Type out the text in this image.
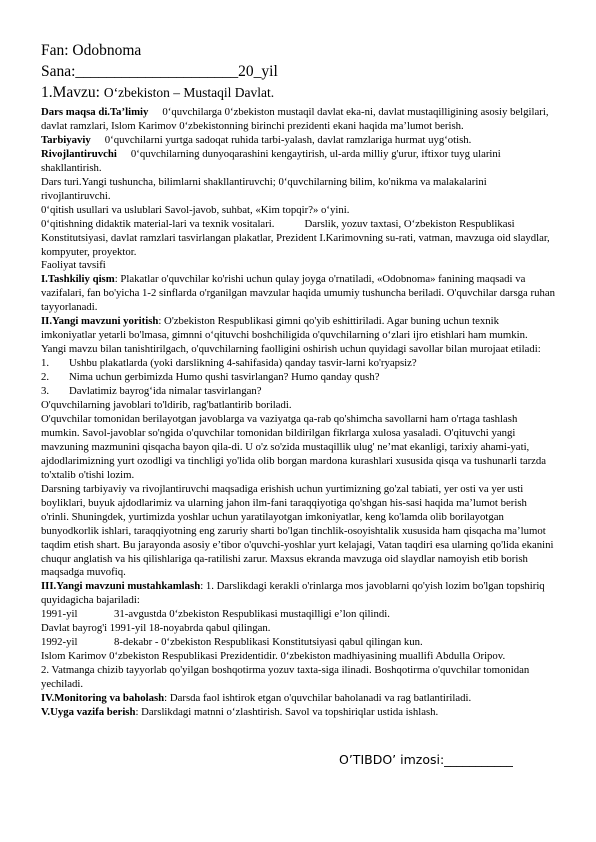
Fan: Odobnoma
Sana:_____________________20_yil
1.Mavzu: O‘zbekiston – Mustaqil Davlat.

Dars maqsa di.Ta’limiy 0‘quvchilarga 0‘zbekiston mustaqil davlat eka-ni, davlat mustaqilligining asosiy belgilari, davlat ramzlari, Islom Karimov 0‘zbekistonning birinchi prezidenti ekani haqida ma’lumot berish.

Tarbiyaviy 0‘quvchilarni yurtga sadoqat ruhida tarbi-yalash, davlat ramzlariga hurmat uyg‘otish.

Rivojlantiruvchi 0‘quvchilarning dunyoqarashini kengaytirish, ul-arda milliy g'urur, iftixor tuyg ularini shakllantirish.

Dars turi.Yangi tushuncha, bilimlarni shakllantiruvchi; 0‘quvchilarning bilim, ko'nikma va malakalarini rivojlantiruvchi.

0‘qitish usullari va uslublari Savol-javob, suhbat, «Kim topqir?» o‘yini.

0‘qitishning didaktik material-lari va texnik vositalari.	Darslik, yozuv taxtasi, O‘zbekiston Respublikasi Konstitutsiyasi, davlat ramzlari tasvirlangan plakatlar, Prezident I.Karimovning su-rati, vatman, mavzuga oid slaydlar, kompyuter, proyektor.

Faoliyat tavsifi

I.Tashkiliy qism: Plakatlar o'quvchilar ko'rishi uchun qulay joyga o'rnatiladi, «Odobnoma» fanining maqsadi va vazifalari, fan bo'yicha 1-2 sinflarda o'rganilgan mavzular haqida umumiy tushuncha beriladi. O'quvchilar darsga ruhan tayyorlanadi.

II.Yangi mavzuni yoritish: O'zbekiston Respublikasi gimni qo'yib eshittiriladi. Agar buning uchun texnik imkoniyatlar yetarli bo'lmasa, gimnni o‘qituvchi boshchiligida o'quvchilarning o‘zlari ijro etishlari ham mumkin.

Yangi mavzu bilan tanishtirilgach, o'quvchilarning faolligini oshirish uchun quyidagi savollar bilan murojaat etiladi:

1.	Ushbu plakatlarda (yoki darslikning 4-sahifasida) qanday tasvir-larni ko'ryapsiz?
2.	Nima uchun gerbimizda Humo qushi tasvirlangan? Humo qanday qush?
3.	Davlatimiz bayrog‘ida nimalar tasvirlangan?

O'quvchilarning javoblari to'ldirib, rag'batlantirib boriladi.

O'quvchilar tomonidan berilayotgan javoblarga va vaziyatga qa-rab qo'shimcha savollarni ham o'rtaga tashlash mumkin. Savol-javoblar so'ngida o'quvchilar tomonidan bildirilgan fikrlarga xulosa yasaladi. O'qituvchi yangi mavzuning mazmunini qisqacha bayon qila-di. U o'z so'zida mustaqillik ulug' ne’mat ekanligi, tarixiy ahami-yati, ajdodlarimizning yurt ozodligi va tinchligi yo'lida olib borgan mardona kurashlari xususida qisqa va tushunarli tarzda to'xtalib o'tishi lozim.

Darsning tarbiyaviy va rivojlantiruvchi maqsadiga erishish uchun yurtimizning go'zal tabiati, yer osti va yer usti boyliklari, buyuk ajdodlarimiz va ularning jahon ilm-fani taraqqiyotiga qo'shgan his-sasi haqida ma’lumot berish o'rinli. Shuningdek, yurtimizda yoshlar uchun yaratilayotgan imkoniyatlar, keng ko'lamda olib borilayotgan bunyodkorlik ishlari, taraqqiyotning eng zaruriy sharti bo'lgan tinchlik-osoyishtalik xususida ham qisqacha ma’lumot taqdim etish shart. Bu jarayonda asosiy e’tibor o'quvchi-yoshlar yurt kelajagi, Vatan taqdiri esa ularning qo'lida ekanini chuqur anglatish va his qilishlariga qa-ratilishi zarur. Maxsus ekranda mavzuga oid slaydlar namoyish etib borish maqsadga muvofiq.

III.Yangi mavzuni mustahkamlash: 1. Darslikdagi kerakli o'rinlarga mos javoblarni qo'yish lozim bo'lgan topshiriq quyidagicha bajariladi:

1991-yil	31-avgustda 0‘zbekiston Respublikasi mustaqilligi e’lon qilindi.

Davlat bayrog'i 1991-yil 18-noyabrda qabul qilingan.

1992-yil	8-dekabr - 0‘zbekiston Respublikasi Konstitutsiyasi qabul qilingan kun.

Islom Karimov 0‘zbekiston Respublikasi Prezidentidir. 0‘zbekiston madhiyasining muallifi Abdulla Oripov.

2. Vatmanga chizib tayyorlab qo'yilgan boshqotirma yozuv taxta-siga ilinadi. Boshqotirma o'quvchilar tomonidan yechiladi.

IV.Monitoring va baholash: Darsda faol ishtirok etgan o'quvchilar baholanadi va rag batlantiriladi.

V.Uyga vazifa berish: Darslikdagi matnni o‘zlashtirish. Savol va topshiriqlar ustida ishlash.

O’TIBDO’ imzosi:___________
